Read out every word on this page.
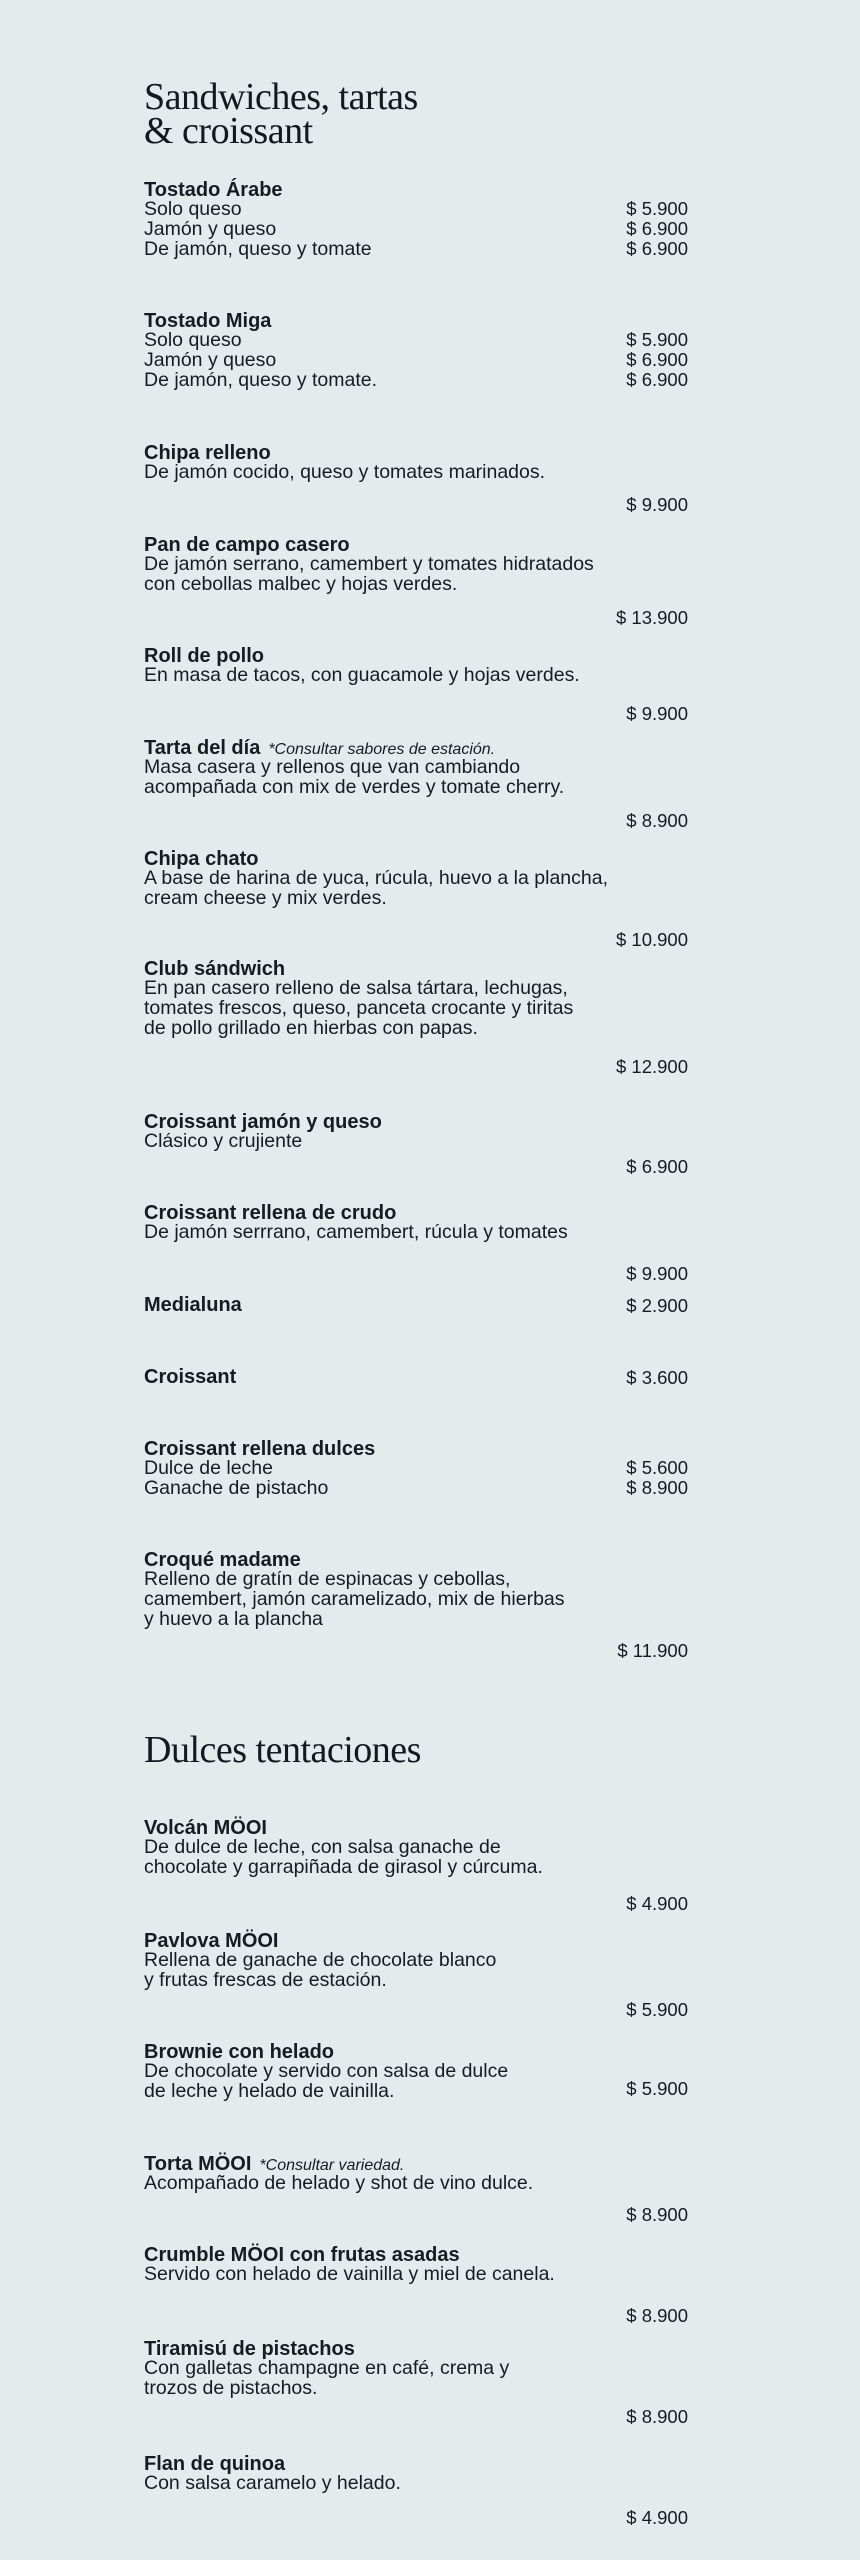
Sandwiches, tartas
& croissant
Tostado Árabe
Solo queso	$ 5.900
Jamón y queso	$ 6.900
De jamón, queso y tomate	$ 6.900
Tostado Miga
Solo queso	$ 5.900
Jamón y queso	$ 6.900
De jamón, queso y tomate.	$ 6.900
Chipa relleno
De jamón cocido, queso y tomates marinados.
$ 9.900
Pan de campo casero
De jamón serrano, camembert y tomates hidratados
con cebollas malbec y hojas verdes.
$ 13.900
Roll de pollo
En masa de tacos, con guacamole y hojas verdes.
$ 9.900
Tarta del día *Consultar sabores de estación.
Masa casera y rellenos que van cambiando
acompañada con mix de verdes y tomate cherry.
$ 8.900
Chipa chato
A base de harina de yuca, rúcula, huevo a la plancha,
cream cheese y mix verdes.
$ 10.900
Club sándwich
En pan casero relleno de salsa tártara, lechugas,
tomates frescos, queso, panceta crocante y tiritas
de pollo grillado en hierbas con papas.
$ 12.900
Croissant jamón y queso
Clásico y crujiente
$ 6.900
Croissant rellena de crudo
De jamón serrrano, camembert, rúcula y tomates
$ 9.900
Medialuna	$ 2.900
Croissant	$ 3.600
Croissant rellena dulces
Dulce de leche	$ 5.600
Ganache de pistacho	$ 8.900
Croqué madame
Relleno de gratín de espinacas y cebollas,
camembert, jamón caramelizado, mix de hierbas
y huevo a la plancha
$ 11.900
Dulces tentaciones
Volcán MÖOI
De dulce de leche, con salsa ganache de
chocolate y garrapiñada de girasol y cúrcuma.
$ 4.900
Pavlova MÖOI
Rellena de ganache de chocolate blanco
y frutas frescas de estación.
$ 5.900
Brownie con helado
De chocolate y servido con salsa de dulce
de leche y helado de vainilla.	$ 5.900
Torta MÖOI *Consultar variedad.
Acompañado de helado y shot de vino dulce.
$ 8.900
Crumble MÖOI con frutas asadas
Servido con helado de vainilla y miel de canela.
$ 8.900
Tiramisú de pistachos
Con galletas champagne en café, crema y
trozos de pistachos.
$ 8.900
Flan de quinoa
Con salsa caramelo y helado.
$ 4.900
